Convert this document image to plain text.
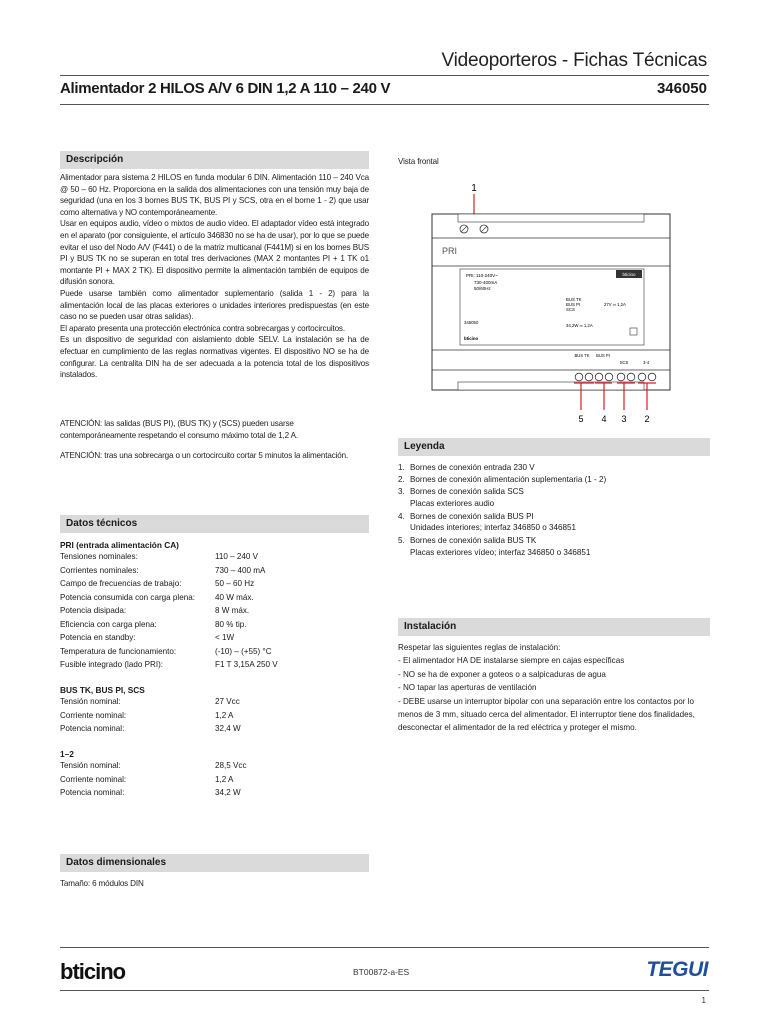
Videoporteros - Fichas Técnicas
Alimentador 2 HILOS A/V 6 DIN 1,2 A 110 – 240 V	346050
Descripción

Alimentador para sistema 2 HILOS en funda modular 6 DIN. Alimentación 110 – 240 Vca @ 50 – 60 Hz. Proporciona en la salida dos alimentaciones con una tensión muy baja de seguridad (una en los 3 bornes BUS TK, BUS PI y SCS, otra en el borne 1 - 2) que usar como alternativa y NO contemporáneamente.

Usar en equipos audio, vídeo o mixtos de audio vídeo. El adaptador vídeo está integrado en el aparato (por consiguiente, el artículo 346830 no se ha de usar), por lo que se puede evitar el uso del Nodo A/V (F441) o de la matriz multicanal (F441M) si en los bornes BUS PI y BUS TK no se superan en total tres derivaciones (MAX 2 montantes PI + 1 TK o1 montante PI + MAX 2 TK). El dispositivo permite la alimentación también de equipos de difusión sonora.

Puede usarse también como alimentador suplementario (salida 1 - 2) para la alimentación local de las placas exteriores o unidades interiores predispuestas (en este caso no se pueden usar otras salidas).

El aparato presenta una protección electrónica contra sobrecargas y cortocircuitos.

Es un dispositivo de seguridad con aislamiento doble SELV. La instalación se ha de efectuar en cumplimiento de las reglas normativas vigentes. El dispositivo NO se ha de configurar. La centralita DIN ha de ser adecuada a la potencia total de los dispositivos instalados.

ATENCIÓN: las salidas (BUS PI), (BUS TK) y (SCS) pueden usarse contemporáneamente respetando el consumo máximo total de 1,2 A.
ATENCIÓN: tras una sobrecarga o un cortocircuito cortar 5 minutos la alimentación.
Datos técnicos
PRI (entrada alimentación CA)
Tensiones nominales:	110 – 240 V
Corrientes nominales:	730 – 400 mA
Campo de frecuencias de trabajo:	50 – 60 Hz
Potencia consumida con carga plena: 40 W máx.
Potencia disipada:	8 W máx.
Eficiencia con carga plena:	80 % tip.
Potencia en standby:	< 1W
Temperatura de funcionamiento:	(-10) – (+55) °C
Fusible integrado (lado PRI):	F1 T 3,15A 250 V
BUS TK, BUS PI, SCS
Tensión nominal:	27 Vcc
Corriente nominal:	1,2 A
Potencia nominal:	32,4 W
1–2
Tensión nominal:	28,5 Vcc
Corriente nominal:	1,2 A
Potencia nominal:	34,2 W
Datos dimensionales
Tamaño: 6 módulos DIN
Vista frontal
1
PRI
PRI: 110-240V~
730-400mA
50/60Hz
bticino
BUS TK
BUS PI
SCS
27V ═ 1,2A
34,2W ═ 1,2A
346050
bticino
BUS TK BUS PI
SCS	3-4
5 4 3 2
Leyenda
1. Bornes de conexión entrada 230 V
2. Bornes de conexión alimentación suplementaria (1 - 2)
3. Bornes de conexión salida SCS
Placas exteriores audio
4. Bornes de conexión salida BUS PI
Unidades interiores; interfaz 346850 o 346851
5. Bornes de conexión salida BUS TK
Placas exteriores vídeo; interfaz 346850 o 346851
Instalación
Respetar las siguientes reglas de instalación:
- El alimentador HA DE instalarse siempre en cajas específicas
- NO se ha de exponer a goteos o a salpicaduras de agua
- NO tapar las aperturas de ventilación
- DEBE usarse un interruptor bipolar con una separación entre los contactos por lo menos de 3 mm, situado cerca del alimentador. El interruptor tiene dos finalidades, desconectar el alimentador de la red eléctrica y proteger el mismo.
bticino	BT00872-a-ES	TEGUI
1
